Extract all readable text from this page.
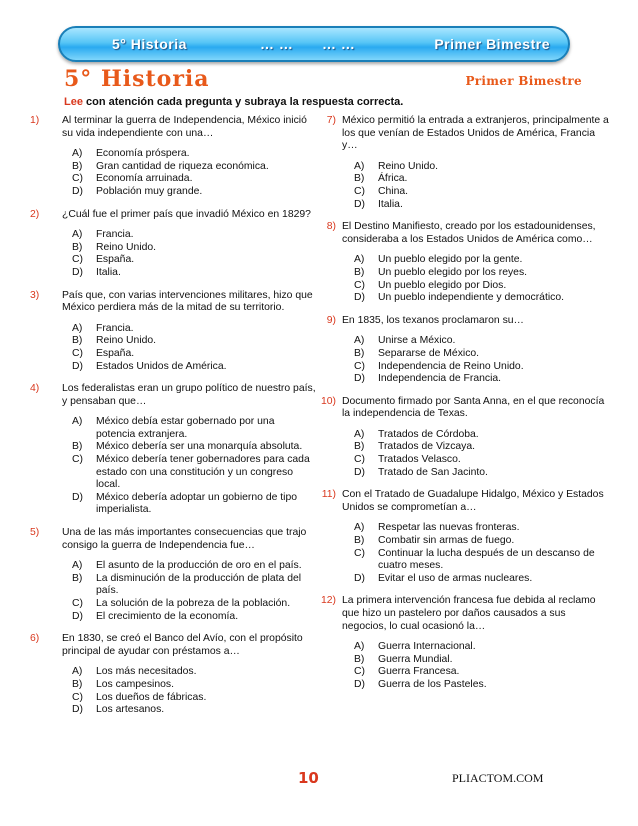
5° Historia	… … … …	Primer Bimestre
5° Historia	Primer Bimestre
Lee con atención cada pregunta y subraya la respuesta correcta.
1)	Al terminar la guerra de Independencia, México inició su vida independiente con una…
A)	Economía próspera.
B)	Gran cantidad de riqueza económica.
C)	Economía arruinada.
D)	Población muy grande.
2)	¿Cuál fue el primer país que invadió México en 1829?
A)	Francia.
B)	Reino Unido.
C)	España.
D)	Italia.
3)	País que, con varias intervenciones militares, hizo que México perdiera más de la mitad de su territorio.
A)	Francia.
B)	Reino Unido.
C)	España.
D)	Estados Unidos de América.
4)	Los federalistas eran un grupo político de nuestro país, y pensaban que…
A)	México debía estar gobernado por una potencia extranjera.
B)	México debería ser una monarquía absoluta.
C)	México debería tener gobernadores para cada estado con una constitución y un congreso local.
D)	México debería adoptar un gobierno de tipo imperialista.
5)	Una de las más importantes consecuencias que trajo consigo la guerra de Independencia fue…
A)	El asunto de la producción de oro en el país.
B)	La disminución de la producción de plata del país.
C)	La solución de la pobreza de la población.
D)	El crecimiento de la economía.
6)	En 1830, se creó el Banco del Avío, con el propósito principal de ayudar con préstamos a…
A)	Los más necesitados.
B)	Los campesinos.
C)	Los dueños de fábricas.
D)	Los artesanos.
7) México permitió la entrada a extranjeros, principalmente a los que venían de Estados Unidos de América, Francia y…
A)	Reino Unido.
B)	África.
C)	China.
D)	Italia.
8) El Destino Manifiesto, creado por los estadounidenses, consideraba a los Estados Unidos de América como…
A)	Un pueblo elegido por la gente.
B)	Un pueblo elegido por los reyes.
C)	Un pueblo elegido por Dios.
D)	Un pueblo independiente y democrático.
9) En 1835, los texanos proclamaron su…
A)	Unirse a México.
B)	Separarse de México.
C)	Independencia de Reino Unido.
D)	Independencia de Francia.
10) Documento firmado por Santa Anna, en el que reconocía la independencia de Texas.
A)	Tratados de Córdoba.
B)	Tratados de Vizcaya.
C)	Tratados Velasco.
D)	Tratado de San Jacinto.
11) Con el Tratado de Guadalupe Hidalgo, México y Estados Unidos se comprometían a…
A)	Respetar las nuevas fronteras.
B)	Combatir sin armas de fuego.
C)	Continuar la lucha después de un descanso de cuatro meses.
D)	Evitar el uso de armas nucleares.
12) La primera intervención francesa fue debida al reclamo que hizo un pastelero por daños causados a sus negocios, lo cual ocasionó la…
A)	Guerra Internacional.
B)	Guerra Mundial.
C)	Guerra Francesa.
D)	Guerra de los Pasteles.
10	PLIACTOM.COM
